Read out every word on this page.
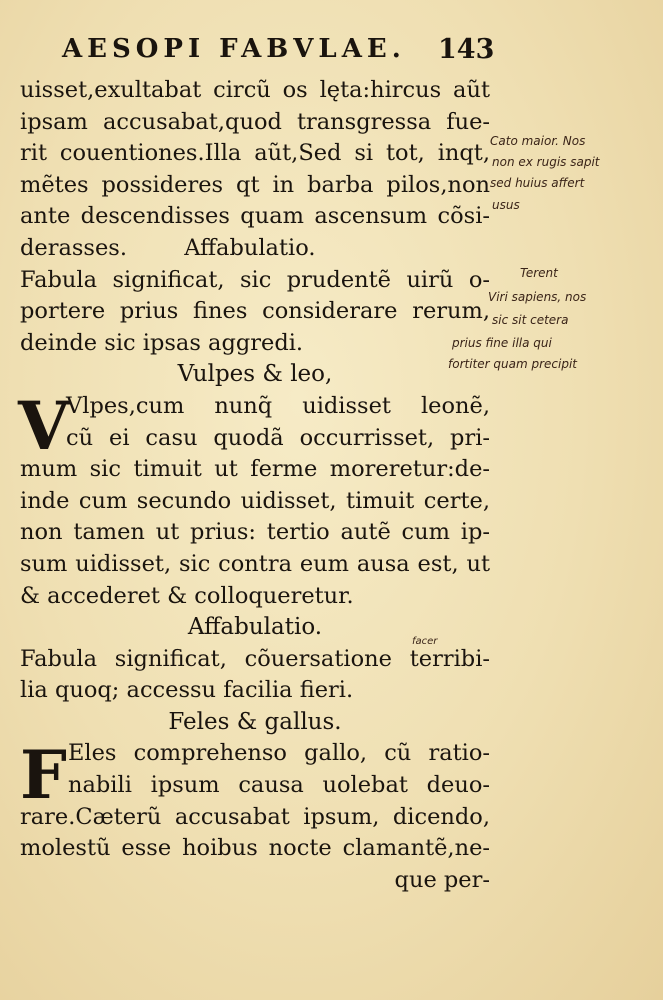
AESOPI FABVLAE.	143
V
F
uisset,exultabat circũ os lęta:hircus aũt
ipsam accusabat,quod transgressa fue-
rit couentiones.Illa aũt,Sed si tot, inqt,
mẽtes possideres qt in barba pilos,non
ante descendisses quam ascensum cõsi-
derasses.        Affabulatio.
Fabula significat, sic prudentẽ uirũ o-
portere prius fines considerare rerum,
deinde sic ipsas aggredi.
Vulpes & leo,
Vlpes,cum nunq̃ uidisset leonẽ,
cũ ei casu quodã occurrisset, pri-
mum sic timuit ut ferme moreretur:de-
inde cum secundo uidisset, timuit certe,
non tamen ut prius: tertio autẽ cum ip-
sum uidisset, sic contra eum ausa est, ut
& accederet & colloqueretur.
Affabulatio.
Fabula significat, cõuersatione terribi-
lia quoq; accessu facilia fieri.
Feles & gallus.
Eles comprehenso gallo, cũ ratio-
nabili ipsum causa uolebat deuo-
rare.Cæterũ accusabat ipsum, dicendo,
molestũ esse hoibus nocte clamantẽ,ne-
que per-
Cato maior. Nos
non ex rugis sapit
sed huius affert
usus
Terent
Viri sapiens, nos
sic sit cetera
prius fine illa qui
fortiter quam precipit
facer
